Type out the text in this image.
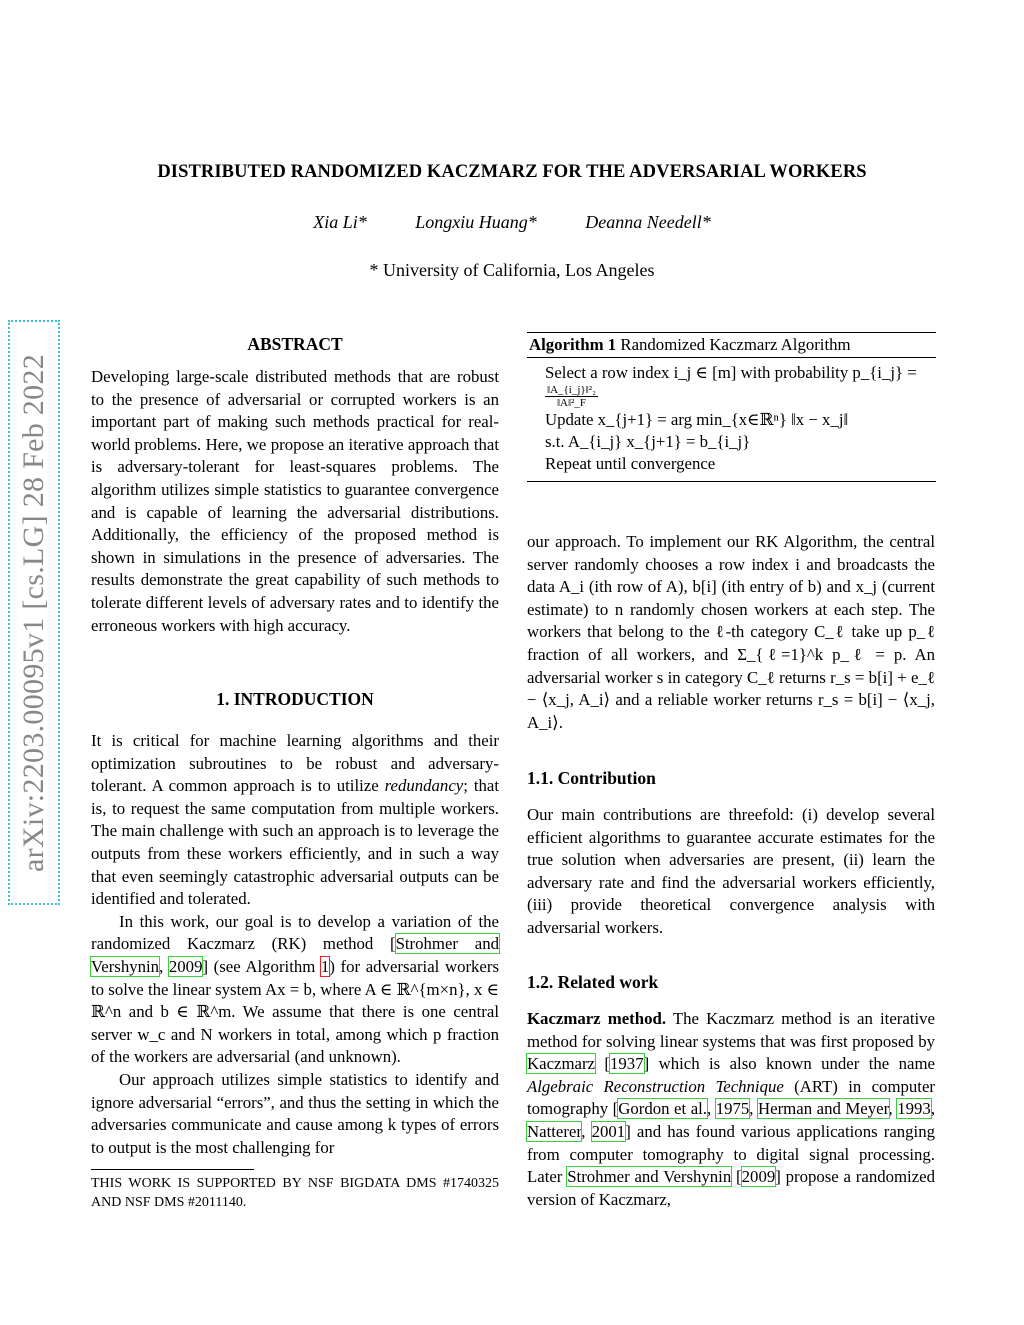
DISTRIBUTED RANDOMIZED KACZMARZ FOR THE ADVERSARIAL WORKERS
Xia Li*	Longxiu Huang*	Deanna Needell*
* University of California, Los Angeles
arXiv:2203.00095v1 [cs.LG] 28 Feb 2022
ABSTRACT

Developing large-scale distributed methods that are robust to the presence of adversarial or corrupted workers is an important part of making such methods practical for real-world problems. Here, we propose an iterative approach that is adversary-tolerant for least-squares problems. The algorithm utilizes simple statistics to guarantee convergence and is capable of learning the adversarial distributions. Additionally, the efficiency of the proposed method is shown in simulations in the presence of adversaries. The results demonstrate the great capability of such methods to tolerate different levels of adversary rates and to identify the erroneous workers with high accuracy.

1. INTRODUCTION

It is critical for machine learning algorithms and their optimization subroutines to be robust and adversary-tolerant. A common approach is to utilize redundancy; that is, to request the same computation from multiple workers. The main challenge with such an approach is to leverage the outputs from these workers efficiently, and in such a way that even seemingly catastrophic adversarial outputs can be identified and tolerated.

In this work, our goal is to develop a variation of the randomized Kaczmarz (RK) method [Strohmer and Vershynin, 2009] (see Algorithm 1) for adversarial workers to solve the linear system Ax = b, where A ∈ ℝ^{m×n}, x ∈ ℝ^n and b ∈ ℝ^m. We assume that there is one central server w_c and N workers in total, among which p fraction of the workers are adversarial (and unknown).

Our approach utilizes simple statistics to identify and ignore adversarial “errors”, and thus the setting in which the adversaries communicate and cause among k types of errors to output is the most challenging for

THIS WORK IS SUPPORTED BY NSF BIGDATA DMS #1740325 AND NSF DMS #2011140.
Algorithm 1 Randomized Kaczmarz Algorithm
Select a row index i_j ∈ [m] with probability p_{i_j} =
$\frac{\text{‖A\_\{i\_j\}‖²₂}}{\text{‖A‖²\_F}}$
Update x_{j+1} = arg min_{x∈ℝⁿ} ‖x − x_j‖
s.t. A_{i_j} x_{j+1} = b_{i_j}
Repeat until convergence

our approach. To implement our RK Algorithm, the central server randomly chooses a row index i and broadcasts the data A_i (ith row of A), b[i] (ith entry of b) and x_j (current estimate) to n randomly chosen workers at each step. The workers that belong to the ℓ-th category C_ℓ take up p_ℓ fraction of all workers, and Σ_{ℓ=1}^k p_ℓ = p. An adversarial worker s in category C_ℓ returns r_s = b[i] + e_ℓ − ⟨x_j, A_i⟩ and a reliable worker returns r_s = b[i] − ⟨x_j, A_i⟩.

1.1. Contribution

Our main contributions are threefold: (i) develop several efficient algorithms to guarantee accurate estimates for the true solution when adversaries are present, (ii) learn the adversary rate and find the adversarial workers efficiently, (iii) provide theoretical convergence analysis with adversarial workers.

1.2. Related work

Kaczmarz method. The Kaczmarz method is an iterative method for solving linear systems that was first proposed by Kaczmarz [1937] which is also known under the name Algebraic Reconstruction Technique (ART) in computer tomography [Gordon et al., 1975, Herman and Meyer, 1993, Natterer, 2001] and has found various applications ranging from computer tomography to digital signal processing. Later Strohmer and Vershynin [2009] propose a randomized version of Kaczmarz,
